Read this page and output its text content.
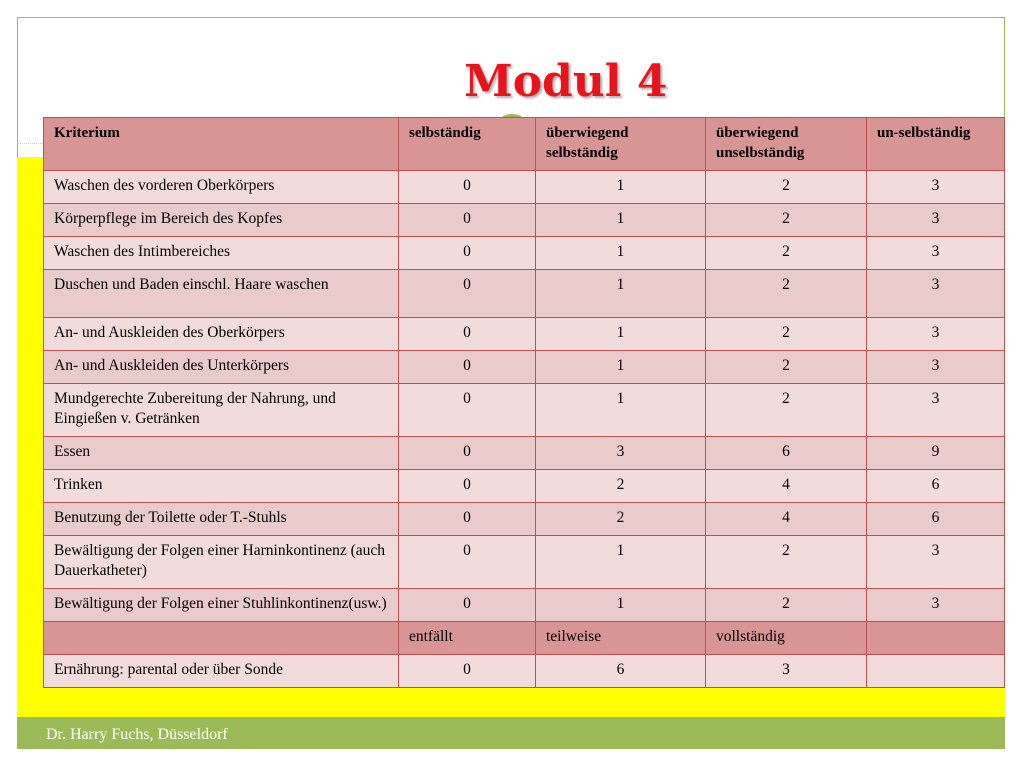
Modul 4
Kriterium	selbständig	überwiegend selbständig	überwiegend unselbständig	un-selbständig
Waschen des vorderen Oberkörpers	0	1	2	3
Körperpflege im Bereich des Kopfes	0	1	2	3
Waschen des Intimbereiches	0	1	2	3
Duschen und Baden einschl. Haare waschen	0	1	2	3
An- und Auskleiden des Oberkörpers	0	1	2	3
An- und Auskleiden des Unterkörpers	0	1	2	3
Mundgerechte Zubereitung der Nahrung, und Eingießen v. Getränken	0	1	2	3
Essen	0	3	6	9
Trinken	0	2	4	6
Benutzung der Toilette oder T.-Stuhls	0	2	4	6
Bewältigung der Folgen einer Harninkontinenz (auch Dauerkatheter)	0	1	2	3
Bewältigung der Folgen einer Stuhlinkontinenz(usw.)	0	1	2	3
	entfällt	teilweise	vollständig	
Ernährung: parental oder über Sonde	0	6	3	
Dr. Harry Fuchs, Düsseldorf
